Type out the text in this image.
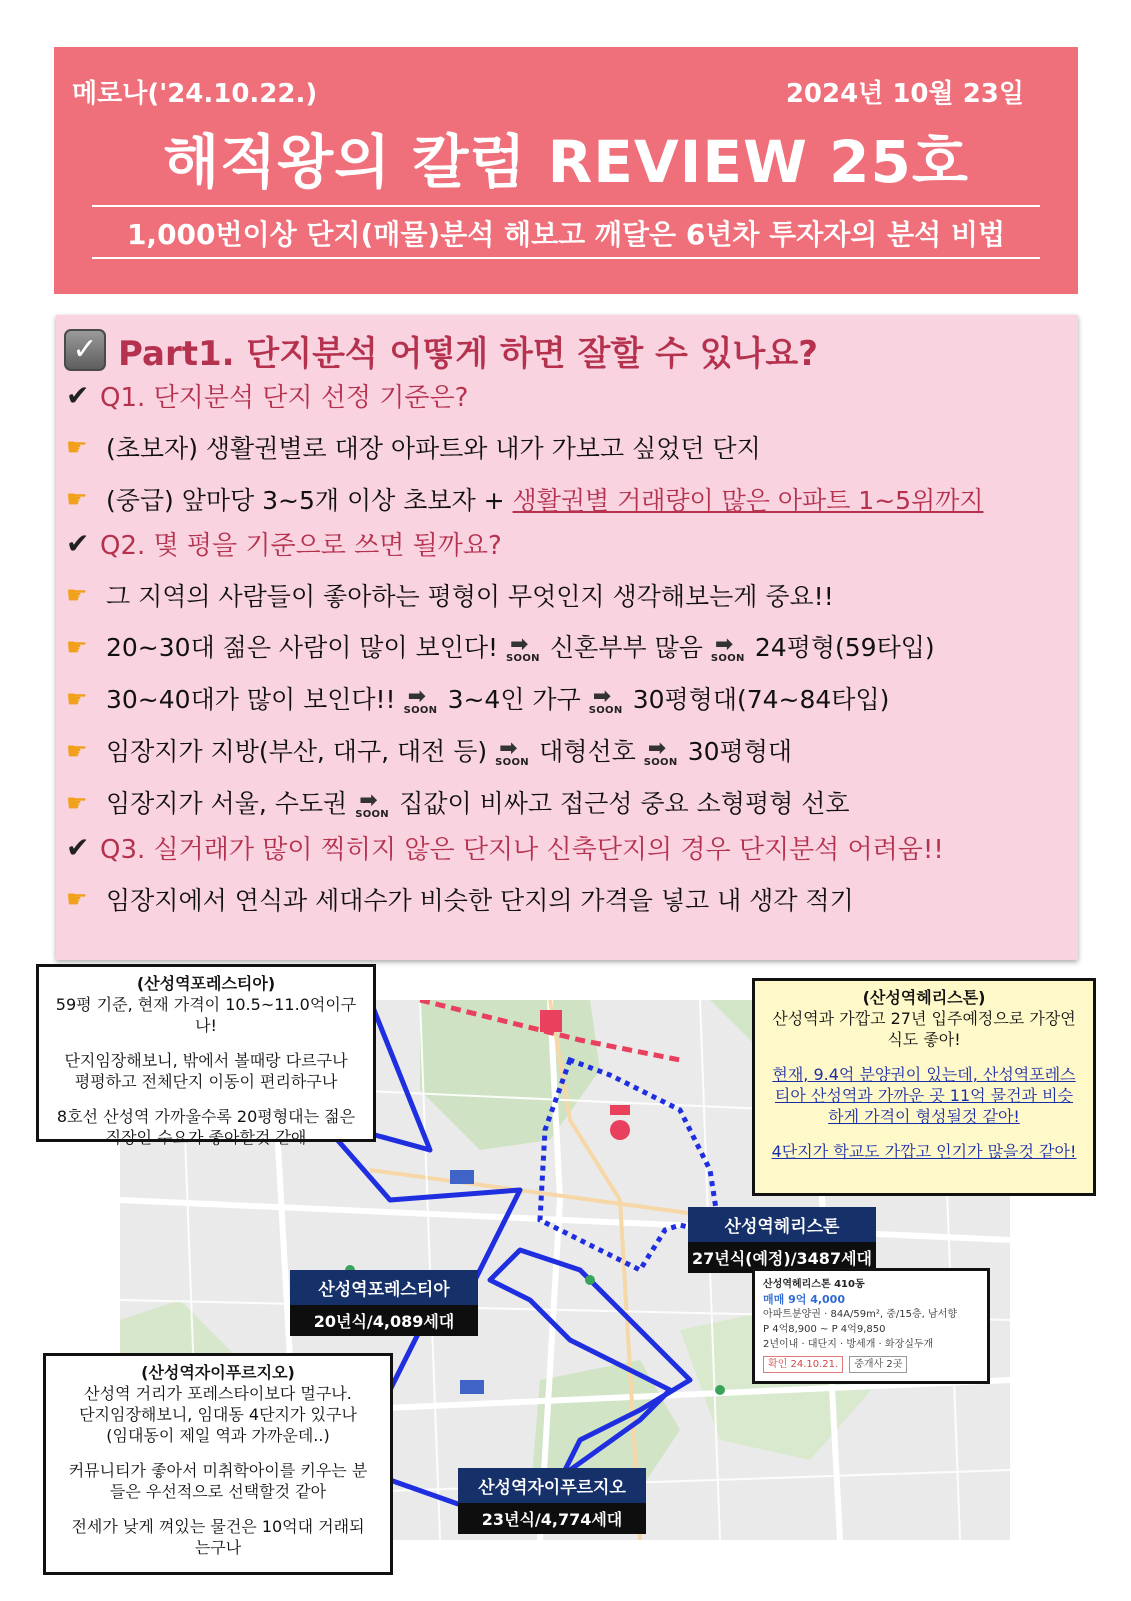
메로나('24.10.22.)	2024년 10월 23일
해적왕의 칼럼 REVIEW 25호
1,000번이상 단지(매물)분석 해보고 깨달은 6년차 투자자의 분석 비법
✓ Part1. 단지분석 어떻게 하면 잘할 수 있나요?
✔ Q1. 단지분석 단지 선정 기준은?
☛ (초보자) 생활권별로 대장 아파트와 내가 가보고 싶었던 단지
☛ (중급) 앞마당 3~5개 이상 초보자 + 생활권별 거래량이 많은 아파트 1~5위까지
✔ Q2. 몇 평을 기준으로 쓰면 될까요?
☛ 그 지역의 사람들이 좋아하는 평형이 무엇인지 생각해보는게 중요!!
☛ 20~30대 젊은 사람이 많이 보인다! ➡
SOON 신혼부부 많음 ➡
SOON 24평형(59타입)
☛ 30~40대가 많이 보인다!! ➡
SOON 3~4인 가구 ➡
SOON 30평형대(74~84타입)
☛ 임장지가 지방(부산, 대구, 대전 등) ➡
SOON 대형선호 ➡
SOON 30평형대
☛ 임장지가 서울, 수도권 ➡
SOON 집값이 비싸고 접근성 중요 소형평형 선호
✔ Q3. 실거래가 많이 찍히지 않은 단지나 신축단지의 경우 단지분석 어려움!!
☛ 임장지에서 연식과 세대수가 비슷한 단지의 가격을 넣고 내 생각 적기
(산성역포레스티아)
59평 기준, 현재 가격이 10.5~11.0억이구나!
단지임장해보니, 밖에서 볼때랑 다르구나
평평하고 전체단지 이동이 편리하구나
8호선 산성역 가까울수록 20평형대는 젊은
직장인 수요가 좋아할것 같애
(산성역헤리스톤)
산성역과 가깝고 27년 입주예정으로 가장연
식도 좋아!
현재, 9.4억 분양권이 있는데, 산성역포레스
티아 산성역과 가까운 곳 11억 물건과 비슷
하게 가격이 형성될것 같아!
4단지가 학교도 가깝고 인기가 많을것 같아!
(산성역자이푸르지오)
산성역 거리가 포레스타이보다 멀구나.
단지임장해보니, 임대동 4단지가 있구나
(임대동이 제일 역과 가까운데..)
커뮤니티가 좋아서 미취학아이를 키우는 분
들은 우선적으로 선택할것 같아
전세가 낮게 껴있는 물건은 10억대 거래되
는구나
산성역헤리스톤
27년식(예정)/3487세대
산성역포레스티아
20년식/4,089세대
산성역자이푸르지오
23년식/4,774세대
산성역헤리스톤 410동
매매 9억 4,000
아파트분양권 · 84A/59m², 중/15층, 남서향
P 4억8,900 ~ P 4억9,850
2년이내 · 대단지 · 방세개 · 화장실두개
확인 24.10.21. 중개사 2곳
